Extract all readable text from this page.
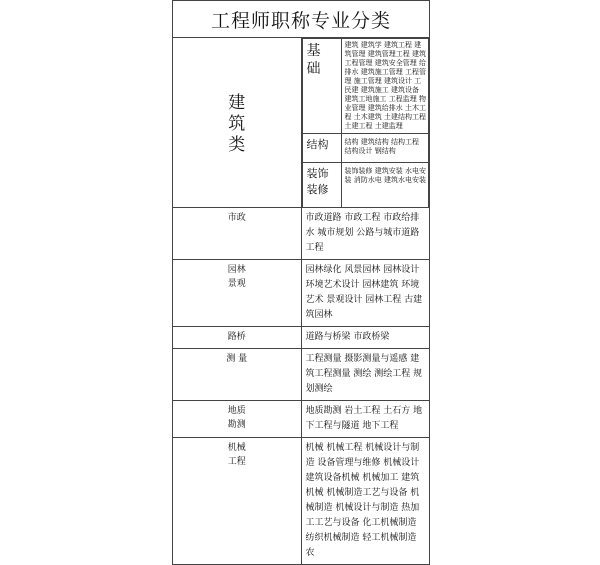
工程师职称专业分类

建
筑
类

基
础
	建筑 建筑学 建筑工程 建筑管理 建筑管理工程 建筑工程管理 建筑安全管理 给排水 建筑施工管理 工程管理 施工管理 建筑设计 工民建 建筑施工 建筑设备 建筑工地施工 工程监理 物业管理 建筑给排水 土木工程 土木建筑 土建结构工程 土建工程 土建监理

结构	结构 建筑结构 结构工程 结构设计 钢结构

装饰
装修
	装饰装修 建筑安装 水电安装 消防水电 建筑水电安装

市政	市政道路 市政工程 市政给排水 城市规划 公路与城市道路工程

园林
景观
	园林绿化 风景园林 园林设计 环境艺术设计 园林建筑 环境艺术 景观设计 园林工程 古建筑园林

路桥	道路与桥梁 市政桥梁

测 量	工程测量 摄影测量与遥感 建筑工程测量 测绘 测绘工程 规划测绘

地质
勘测
	地质勘测 岩土工程 土石方 地下工程与隧道 地下工程

机械
工程
	机械 机械工程 机械设计与制造 设备管理与维修 机械设计 建筑设备机械 机械加工 建筑机械 机械制造工艺与设备 机械制造 机械设计与制造 热加工工艺与设备 化工机械制造 纺织机械制造 轻工机械制造 农
